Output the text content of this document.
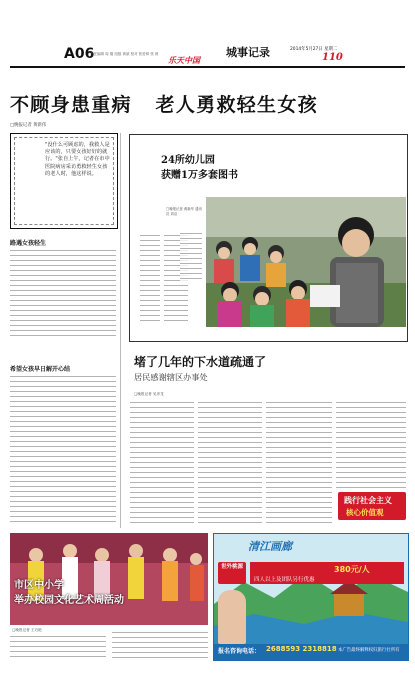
A06
责任编辑 周 刚 组版 黄斌 校对 张爱林 张 晨
乐天中国
城事记录	2014年5月27日 星期二
110
不顾身患重病   老人勇救轻生女孩
□晚报记者 黄新伟
"没什么可顾虑的，我救人是应该的，只要女孩好好的就行。"张自上午，记者在市中医院病房采访勇救轻生女孩的老人时，他这样说。
路遇女孩轻生
希望女孩早日解开心结
24所幼儿园
获赠1万多套图书
□晚报记者 黄新华 通讯员 刘洁
堵了几年的下水道疏通了
居民感谢辖区办事处
□晚报记者 吴彦龙
践行社会主义
核心价值观
市区中小学
举办校园文化艺术周活动
□晚报记者 王巧艳
清江画廊
世外桃源	380元/人
四人以上及团队另行优惠
报名咨询电话： 2688593 2318818 本广告最终解释权归旅行社所有
